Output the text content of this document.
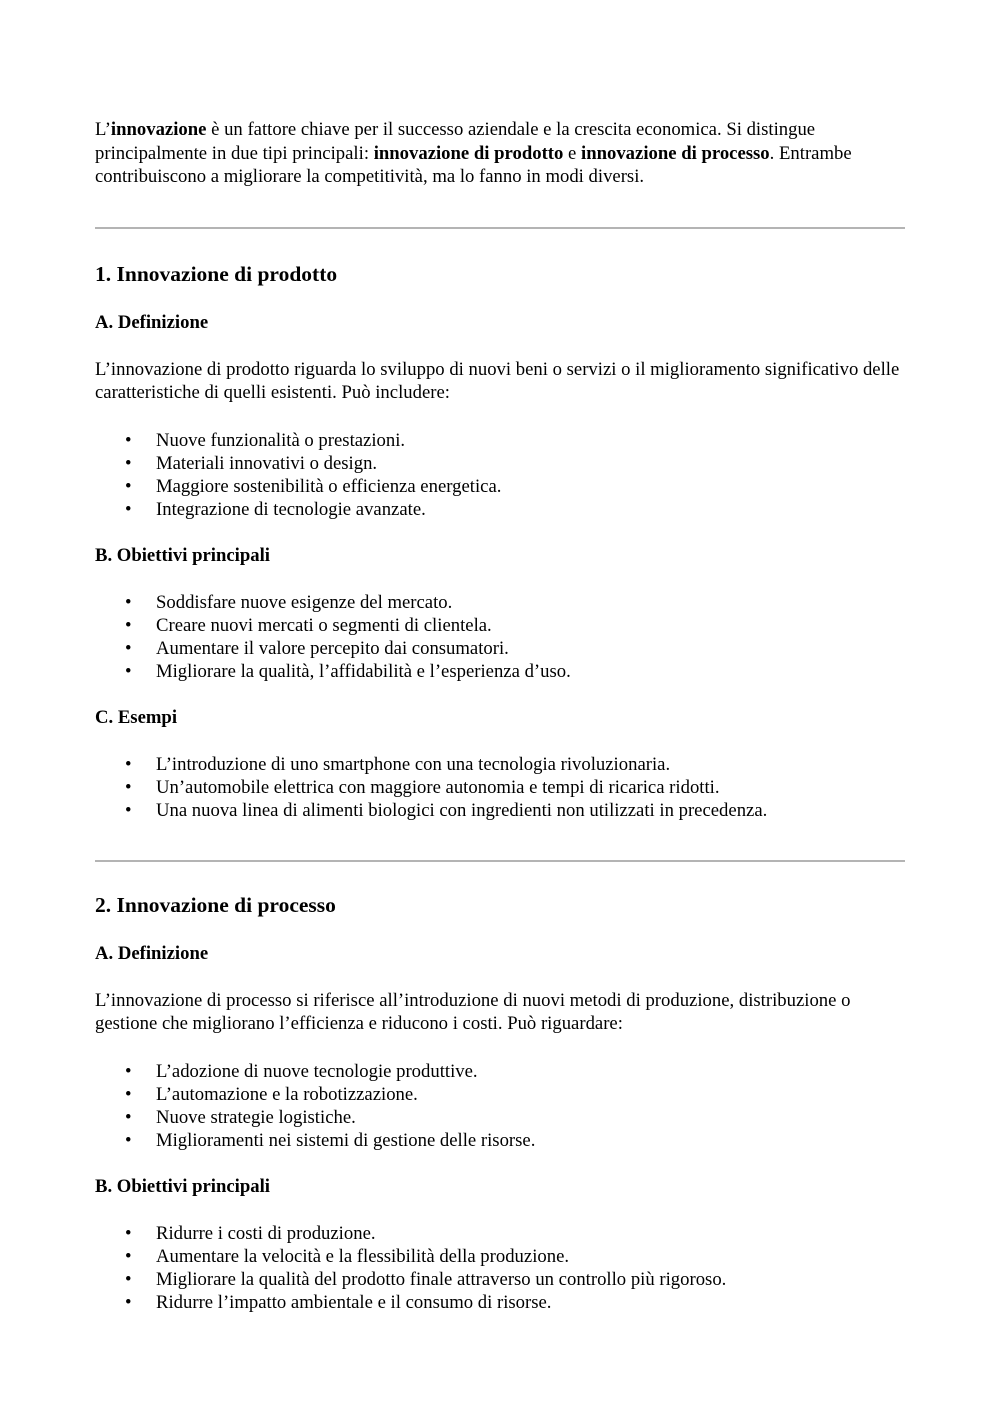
L’innovazione è un fattore chiave per il successo aziendale e la crescita economica. Si distingue principalmente in due tipi principali: innovazione di prodotto e innovazione di processo. Entrambe contribuiscono a migliorare la competitività, ma lo fanno in modi diversi.

1. Innovazione di prodotto
A. Definizione

L’innovazione di prodotto riguarda lo sviluppo di nuovi beni o servizi o il miglioramento significativo delle caratteristiche di quelli esistenti. Può includere:

• Nuove funzionalità o prestazioni.
• Materiali innovativi o design.
• Maggiore sostenibilità o efficienza energetica.
• Integrazione di tecnologie avanzate.
B. Obiettivi principali
• Soddisfare nuove esigenze del mercato.
• Creare nuovi mercati o segmenti di clientela.
• Aumentare il valore percepito dai consumatori.
• Migliorare la qualità, l’affidabilità e l’esperienza d’uso.
C. Esempi
• L’introduzione di uno smartphone con una tecnologia rivoluzionaria.
• Un’automobile elettrica con maggiore autonomia e tempi di ricarica ridotti.
• Una nuova linea di alimenti biologici con ingredienti non utilizzati in precedenza.
2. Innovazione di processo
A. Definizione

L’innovazione di processo si riferisce all’introduzione di nuovi metodi di produzione, distribuzione o gestione che migliorano l’efficienza e riducono i costi. Può riguardare:

• L’adozione di nuove tecnologie produttive.
• L’automazione e la robotizzazione.
• Nuove strategie logistiche.
• Miglioramenti nei sistemi di gestione delle risorse.
B. Obiettivi principali
• Ridurre i costi di produzione.
• Aumentare la velocità e la flessibilità della produzione.
• Migliorare la qualità del prodotto finale attraverso un controllo più rigoroso.
• Ridurre l’impatto ambientale e il consumo di risorse.
